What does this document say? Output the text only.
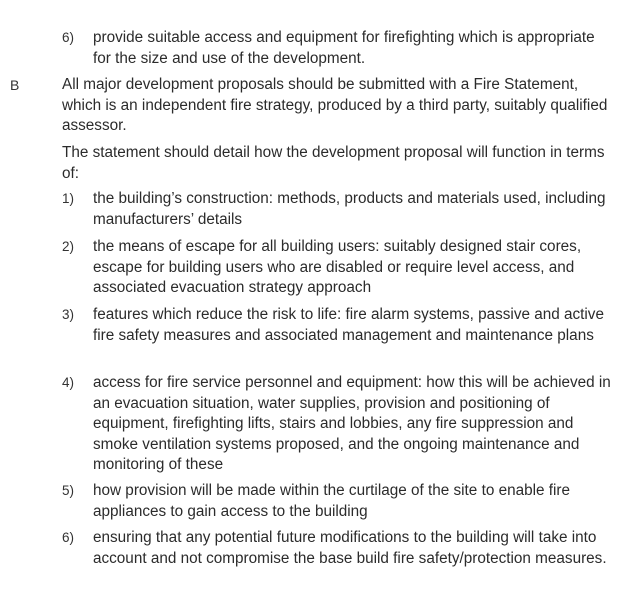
6) provide suitable access and equipment for firefighting which is appropriate for the size and use of the development.
B	All major development proposals should be submitted with a Fire Statement, which is an independent fire strategy, produced by a third party, suitably qualified assessor.
The statement should detail how the development proposal will function in terms of:
1) the building’s construction: methods, products and materials used, including manufacturers’ details
2) the means of escape for all building users: suitably designed stair cores, escape for building users who are disabled or require level access, and associated evacuation strategy approach
3) features which reduce the risk to life: fire alarm systems, passive and active fire safety measures and associated management and maintenance plans
4) access for fire service personnel and equipment: how this will be achieved in an evacuation situation, water supplies, provision and positioning of equipment, firefighting lifts, stairs and lobbies, any fire suppression and smoke ventilation systems proposed, and the ongoing maintenance and monitoring of these
5) how provision will be made within the curtilage of the site to enable fire appliances to gain access to the building
6) ensuring that any potential future modifications to the building will take into account and not compromise the base build fire safety/protection measures.
